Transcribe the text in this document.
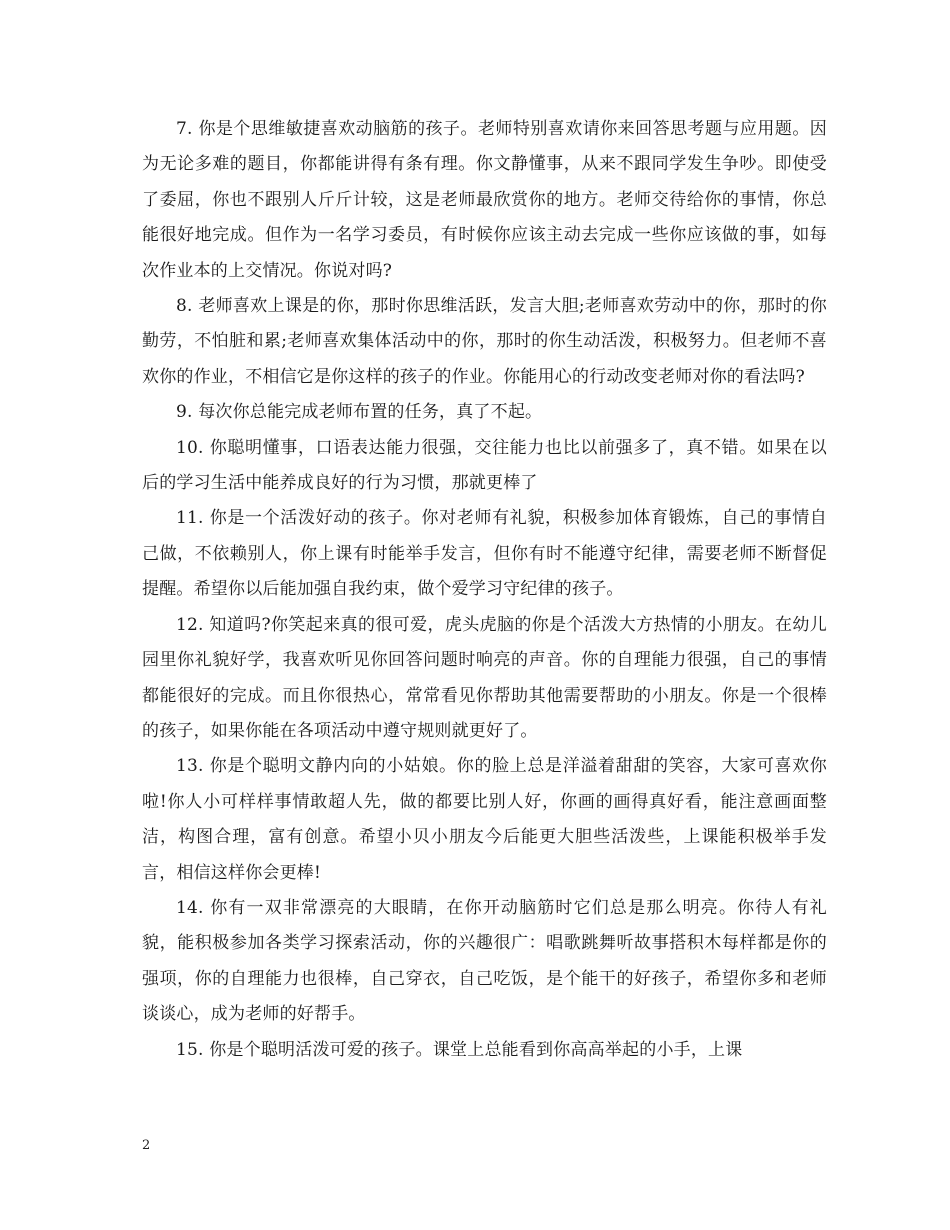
7. 你是个思维敏捷喜欢动脑筋的孩子。老师特别喜欢请你来回答思考题与应用题。因为无论多难的题目，你都能讲得有条有理。你文静懂事，从来不跟同学发生争吵。即使受了委屈，你也不跟别人斤斤计较，这是老师最欣赏你的地方。老师交待给你的事情，你总能很好地完成。但作为一名学习委员，有时候你应该主动去完成一些你应该做的事，如每次作业本的上交情况。你说对吗?

8. 老师喜欢上课是的你，那时你思维活跃，发言大胆;老师喜欢劳动中的你，那时的你勤劳，不怕脏和累;老师喜欢集体活动中的你，那时的你生动活泼，积极努力。但老师不喜欢你的作业，不相信它是你这样的孩子的作业。你能用心的行动改变老师对你的看法吗?

9. 每次你总能完成老师布置的任务，真了不起。

10. 你聪明懂事，口语表达能力很强，交往能力也比以前强多了，真不错。如果在以后的学习生活中能养成良好的行为习惯，那就更棒了

11. 你是一个活泼好动的孩子。你对老师有礼貌，积极参加体育锻炼，自己的事情自己做，不依赖别人，你上课有时能举手发言，但你有时不能遵守纪律，需要老师不断督促提醒。希望你以后能加强自我约束，做个爱学习守纪律的孩子。

12. 知道吗?你笑起来真的很可爱，虎头虎脑的你是个活泼大方热情的小朋友。在幼儿园里你礼貌好学，我喜欢听见你回答问题时响亮的声音。你的自理能力很强，自己的事情都能很好的完成。而且你很热心，常常看见你帮助其他需要帮助的小朋友。你是一个很棒的孩子，如果你能在各项活动中遵守规则就更好了。

13. 你是个聪明文静内向的小姑娘。你的脸上总是洋溢着甜甜的笑容，大家可喜欢你啦!你人小可样样事情敢超人先，做的都要比别人好，你画的画得真好看，能注意画面整洁，构图合理，富有创意。希望小贝小朋友今后能更大胆些活泼些，上课能积极举手发言，相信这样你会更棒!

14. 你有一双非常漂亮的大眼睛，在你开动脑筋时它们总是那么明亮。你待人有礼貌，能积极参加各类学习探索活动，你的兴趣很广：唱歌跳舞听故事搭积木每样都是你的强项，你的自理能力也很棒，自己穿衣，自己吃饭，是个能干的好孩子，希望你多和老师谈谈心，成为老师的好帮手。

15. 你是个聪明活泼可爱的孩子。课堂上总能看到你高高举起的小手，上课

2
